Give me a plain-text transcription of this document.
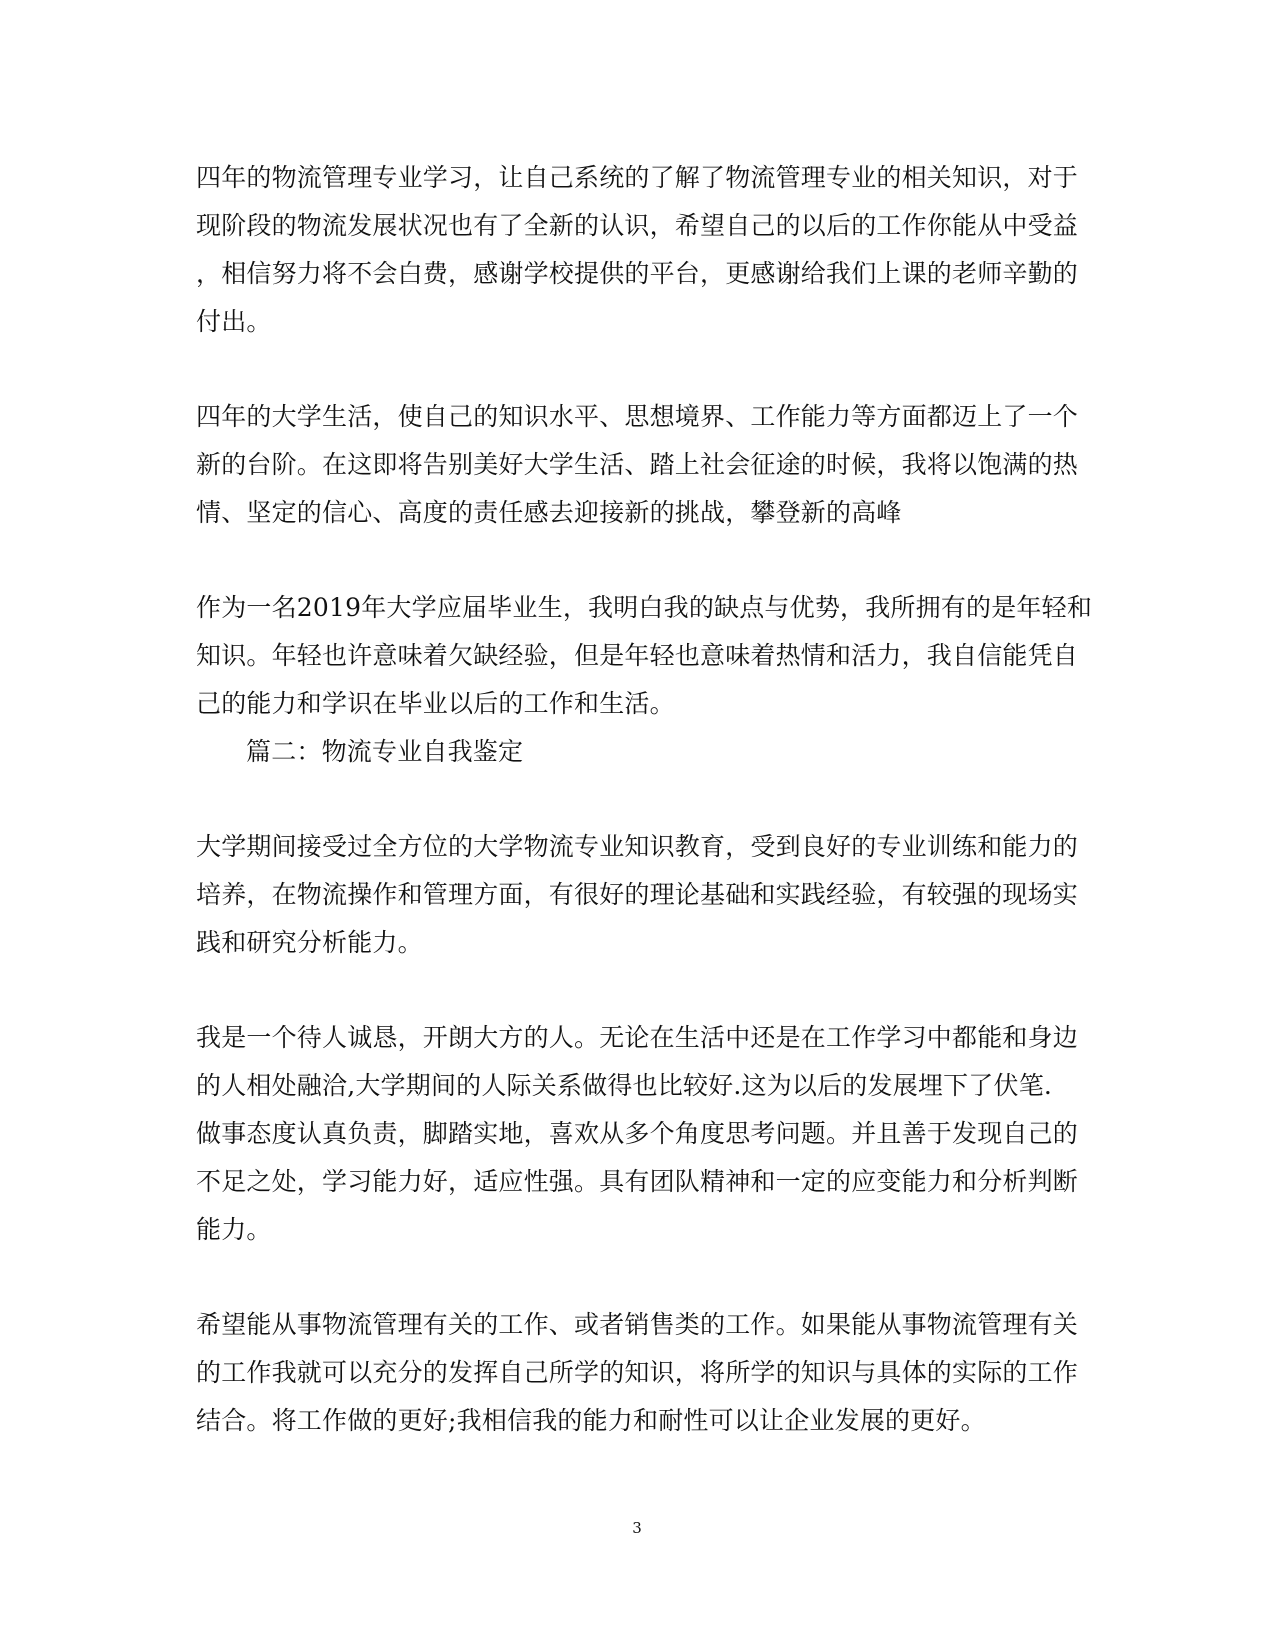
四年的物流管理专业学习，让自己系统的了解了物流管理专业的相关知识，对于
现阶段的物流发展状况也有了全新的认识，希望自己的以后的工作你能从中受益
，相信努力将不会白费，感谢学校提供的平台，更感谢给我们上课的老师辛勤的
付出。
四年的大学生活，使自己的知识水平、思想境界、工作能力等方面都迈上了一个
新的台阶。在这即将告别美好大学生活、踏上社会征途的时候，我将以饱满的热
情、坚定的信心、高度的责任感去迎接新的挑战，攀登新的高峰
作为一名2019年大学应届毕业生，我明白我的缺点与优势，我所拥有的是年轻和
知识。年轻也许意味着欠缺经验，但是年轻也意味着热情和活力，我自信能凭自
己的能力和学识在毕业以后的工作和生活。
篇二：物流专业自我鉴定
大学期间接受过全方位的大学物流专业知识教育，受到良好的专业训练和能力的
培养，在物流操作和管理方面，有很好的理论基础和实践经验，有较强的现场实
践和研究分析能力。
我是一个待人诚恳，开朗大方的人。无论在生活中还是在工作学习中都能和身边
的人相处融洽,大学期间的人际关系做得也比较好.这为以后的发展埋下了伏笔.
做事态度认真负责，脚踏实地，喜欢从多个角度思考问题。并且善于发现自己的
不足之处，学习能力好，适应性强。具有团队精神和一定的应变能力和分析判断
能力。
希望能从事物流管理有关的工作、或者销售类的工作。如果能从事物流管理有关
的工作我就可以充分的发挥自己所学的知识，将所学的知识与具体的实际的工作
结合。将工作做的更好;我相信我的能力和耐性可以让企业发展的更好。
3
